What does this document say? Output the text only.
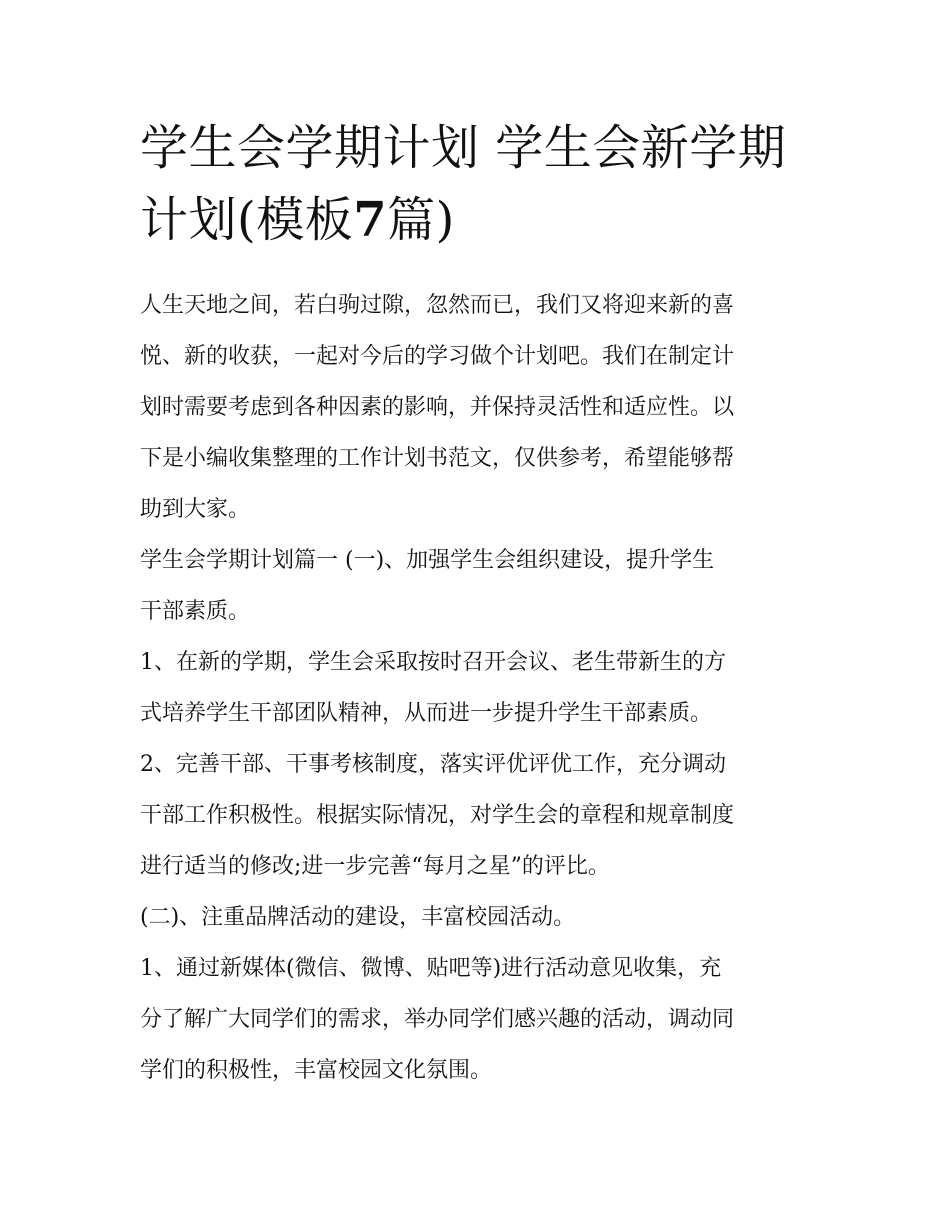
学生会学期计划 学生会新学期
计划(模板7篇)

人生天地之间，若白驹过隙，忽然而已，我们又将迎来新的喜
悦、新的收获，一起对今后的学习做个计划吧。我们在制定计
划时需要考虑到各种因素的影响，并保持灵活性和适应性。以
下是小编收集整理的工作计划书范文，仅供参考，希望能够帮
助到大家。

学生会学期计划篇一 (一)、加强学生会组织建设，提升学生
干部素质。

1、在新的学期，学生会采取按时召开会议、老生带新生的方
式培养学生干部团队精神，从而进一步提升学生干部素质。

2、完善干部、干事考核制度，落实评优评优工作，充分调动
干部工作积极性。根据实际情况，对学生会的章程和规章制度
进行适当的修改;进一步完善“每月之星”的评比。

(二)、注重品牌活动的建设，丰富校园活动。

1、通过新媒体(微信、微博、贴吧等)进行活动意见收集，充
分了解广大同学们的需求，举办同学们感兴趣的活动，调动同
学们的积极性，丰富校园文化氛围。
